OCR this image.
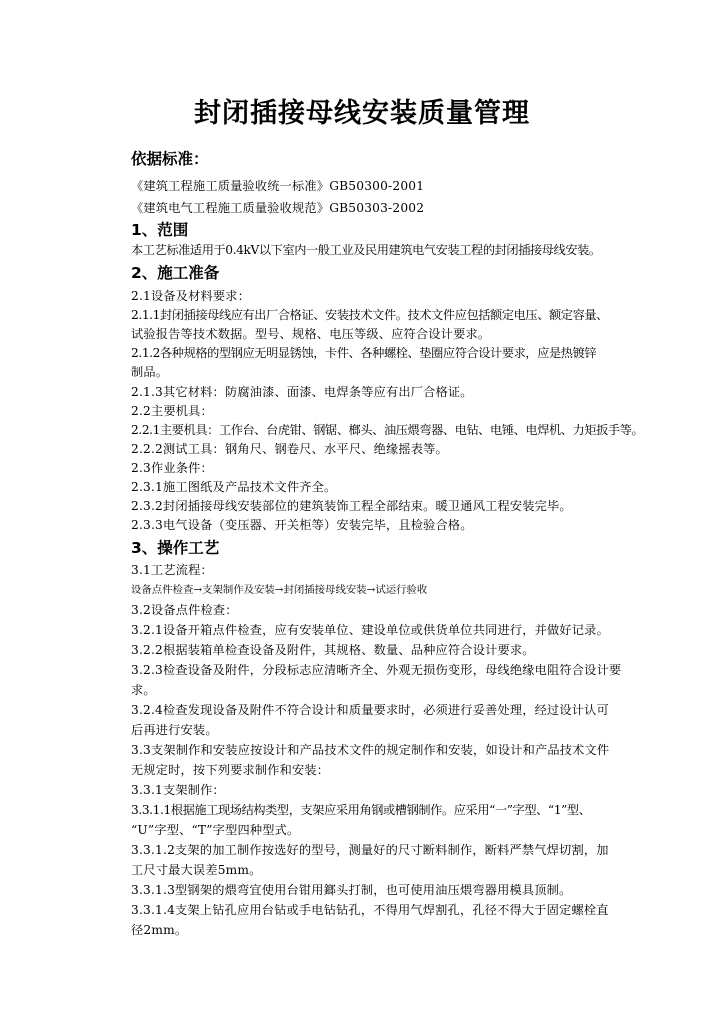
封闭插接母线安装质量管理
依据标准：
《建筑工程施工质量验收统一标准》GB50300-2001
《建筑电气工程施工质量验收规范》GB50303-2002
1、范围
本工艺标准适用于0.4kV以下室内一般工业及民用建筑电气安装工程的封闭插接母线安装。
2、施工准备
2.1设备及材料要求：
2.1.1封闭插接母线应有出厂合格证、安装技术文件。技术文件应包括额定电压、额定容量、
试验报告等技术数据。型号、规格、电压等级、应符合设计要求。
2.1.2各种规格的型钢应无明显锈蚀，卡件、各种螺栓、垫圈应符合设计要求，应是热镀锌
制品。
2.1.3其它材料：防腐油漆、面漆、电焊条等应有出厂合格证。
2.2主要机具：
2.2.1主要机具：工作台、台虎钳、钢锯、榔头、油压煨弯器、电钻、电锤、电焊机、力矩扳手等。
2.2.2测试工具：钢角尺、钢卷尺、水平尺、绝缘摇表等。
2.3作业条件：
2.3.1施工图纸及产品技术文件齐全。
2.3.2封闭插接母线安装部位的建筑装饰工程全部结束。暖卫通风工程安装完毕。
2.3.3电气设备（变压器、开关柜等）安装完毕，且检验合格。
3、操作工艺
3.1工艺流程：
设备点件检查→支架制作及安装→封闭插接母线安装→试运行验收
3.2设备点件检查：
3.2.1设备开箱点件检查，应有安装单位、建设单位或供货单位共同进行，并做好记录。
3.2.2根据装箱单检查设备及附件，其规格、数量、品种应符合设计要求。
3.2.3检查设备及附件，分段标志应清晰齐全、外观无损伤变形，母线绝缘电阻符合设计要
求。
3.2.4检查发现设备及附件不符合设计和质量要求时，必须进行妥善处理，经过设计认可
后再进行安装。
3.3支架制作和安装应按设计和产品技术文件的规定制作和安装，如设计和产品技术文件
无规定时，按下列要求制作和安装：
3.3.1支架制作：
3.3.1.1根据施工现场结构类型，支架应采用角钢或槽钢制作。应采用“一”字型、“1”型、
“U”字型、“T”字型四种型式。
3.3.1.2支架的加工制作按选好的型号，测量好的尺寸断料制作，断料严禁气焊切割，加
工尺寸最大误差5mm。
3.3.1.3型钢架的煨弯宜使用台钳用鎯头打制，也可使用油压煨弯器用模具顶制。
3.3.1.4支架上钻孔应用台钻或手电钻钻孔，不得用气焊割孔，孔径不得大于固定螺栓直
径2mm。
